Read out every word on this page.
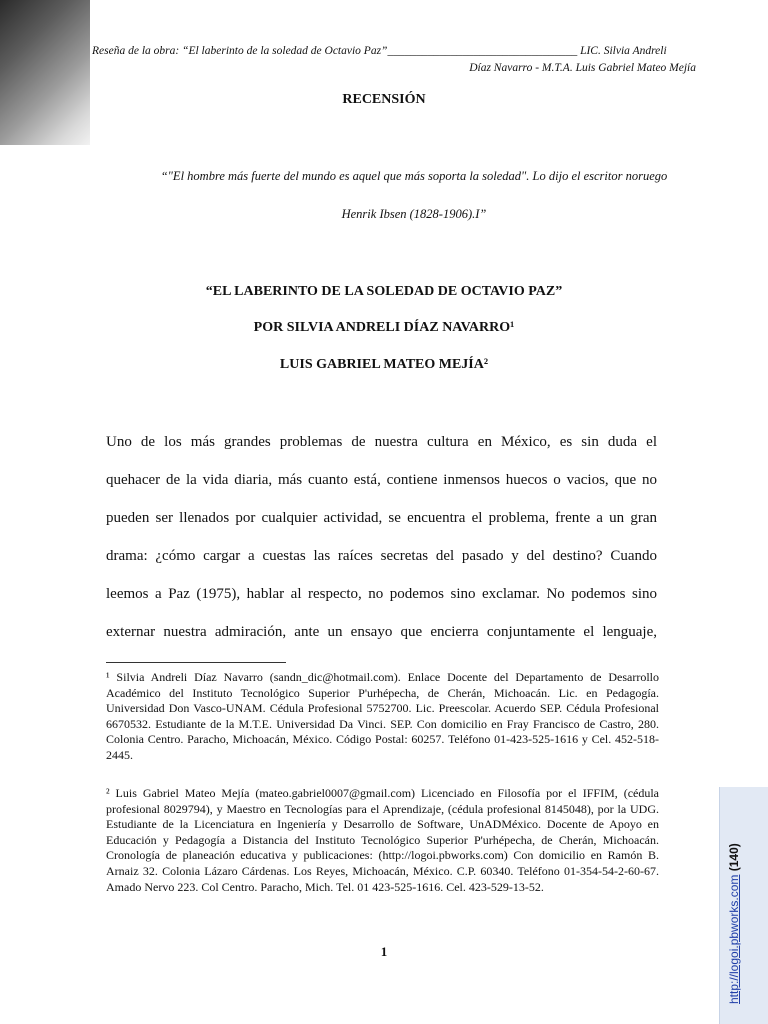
Reseña de la obra: “El laberinto de la soledad de Octavio Paz”_________________________________ LIC. Silvia Andreli
Díaz Navarro - M.T.A. Luis Gabriel Mateo Mejía
RECENSIÓN
“"El hombre más fuerte del mundo es aquel que más soporta la soledad". Lo dijo el escritor noruego
Henrik Ibsen (1828-1906).I”
“EL LABERINTO DE LA SOLEDAD DE OCTAVIO PAZ”
POR SILVIA ANDRELI DÍAZ NAVARRO¹
LUIS GABRIEL MATEO MEJÍA²
Uno de los más grandes problemas de nuestra cultura en México, es sin duda el
quehacer de la vida diaria, más cuanto está, contiene inmensos huecos o vacios, que no
pueden ser llenados por cualquier actividad, se encuentra el problema, frente a un gran
drama: ¿cómo cargar a cuestas las raíces secretas del pasado y del destino? Cuando
leemos a Paz (1975), hablar al respecto, no podemos sino exclamar. No podemos sino
externar nuestra admiración, ante un ensayo que encierra conjuntamente el lenguaje,
¹ Silvia Andreli Díaz Navarro (sandn_dic@hotmail.com). Enlace Docente del Departamento de Desarrollo Académico del Instituto Tecnológico Superior P'urhépecha, de Cherán, Michoacán. Lic. en Pedagogía. Universidad Don Vasco-UNAM. Cédula Profesional 5752700. Lic. Preescolar. Acuerdo SEP. Cédula Profesional 6670532. Estudiante de la M.T.E. Universidad Da Vinci. SEP. Con domicilio en Fray Francisco de Castro, 280. Colonia Centro. Paracho, Michoacán, México. Código Postal: 60257. Teléfono 01-423-525-1616 y Cel. 452-518-2445.
² Luis Gabriel Mateo Mejía (mateo.gabriel0007@gmail.com) Licenciado en Filosofía por el IFFIM, (cédula profesional 8029794), y Maestro en Tecnologías para el Aprendizaje, (cédula profesional 8145048), por la UDG. Estudiante de la Licenciatura en Ingeniería y Desarrollo de Software, UnADMéxico. Docente de Apoyo en Educación y Pedagogía a Distancia del Instituto Tecnológico Superior P'urhépecha, de Cherán, Michoacán. Cronología de planeación educativa y publicaciones: (http://logoi.pbworks.com) Con domicilio en Ramón B. Arnaiz 32. Colonia Lázaro Cárdenas. Los Reyes, Michoacán, México. C.P. 60340. Teléfono 01-354-54-2-60-67. Amado Nervo 223. Col Centro. Paracho, Mich. Tel. 01 423-525-1616. Cel. 423-529-13-52.
1	http://logoi.pbworks.com (140)
